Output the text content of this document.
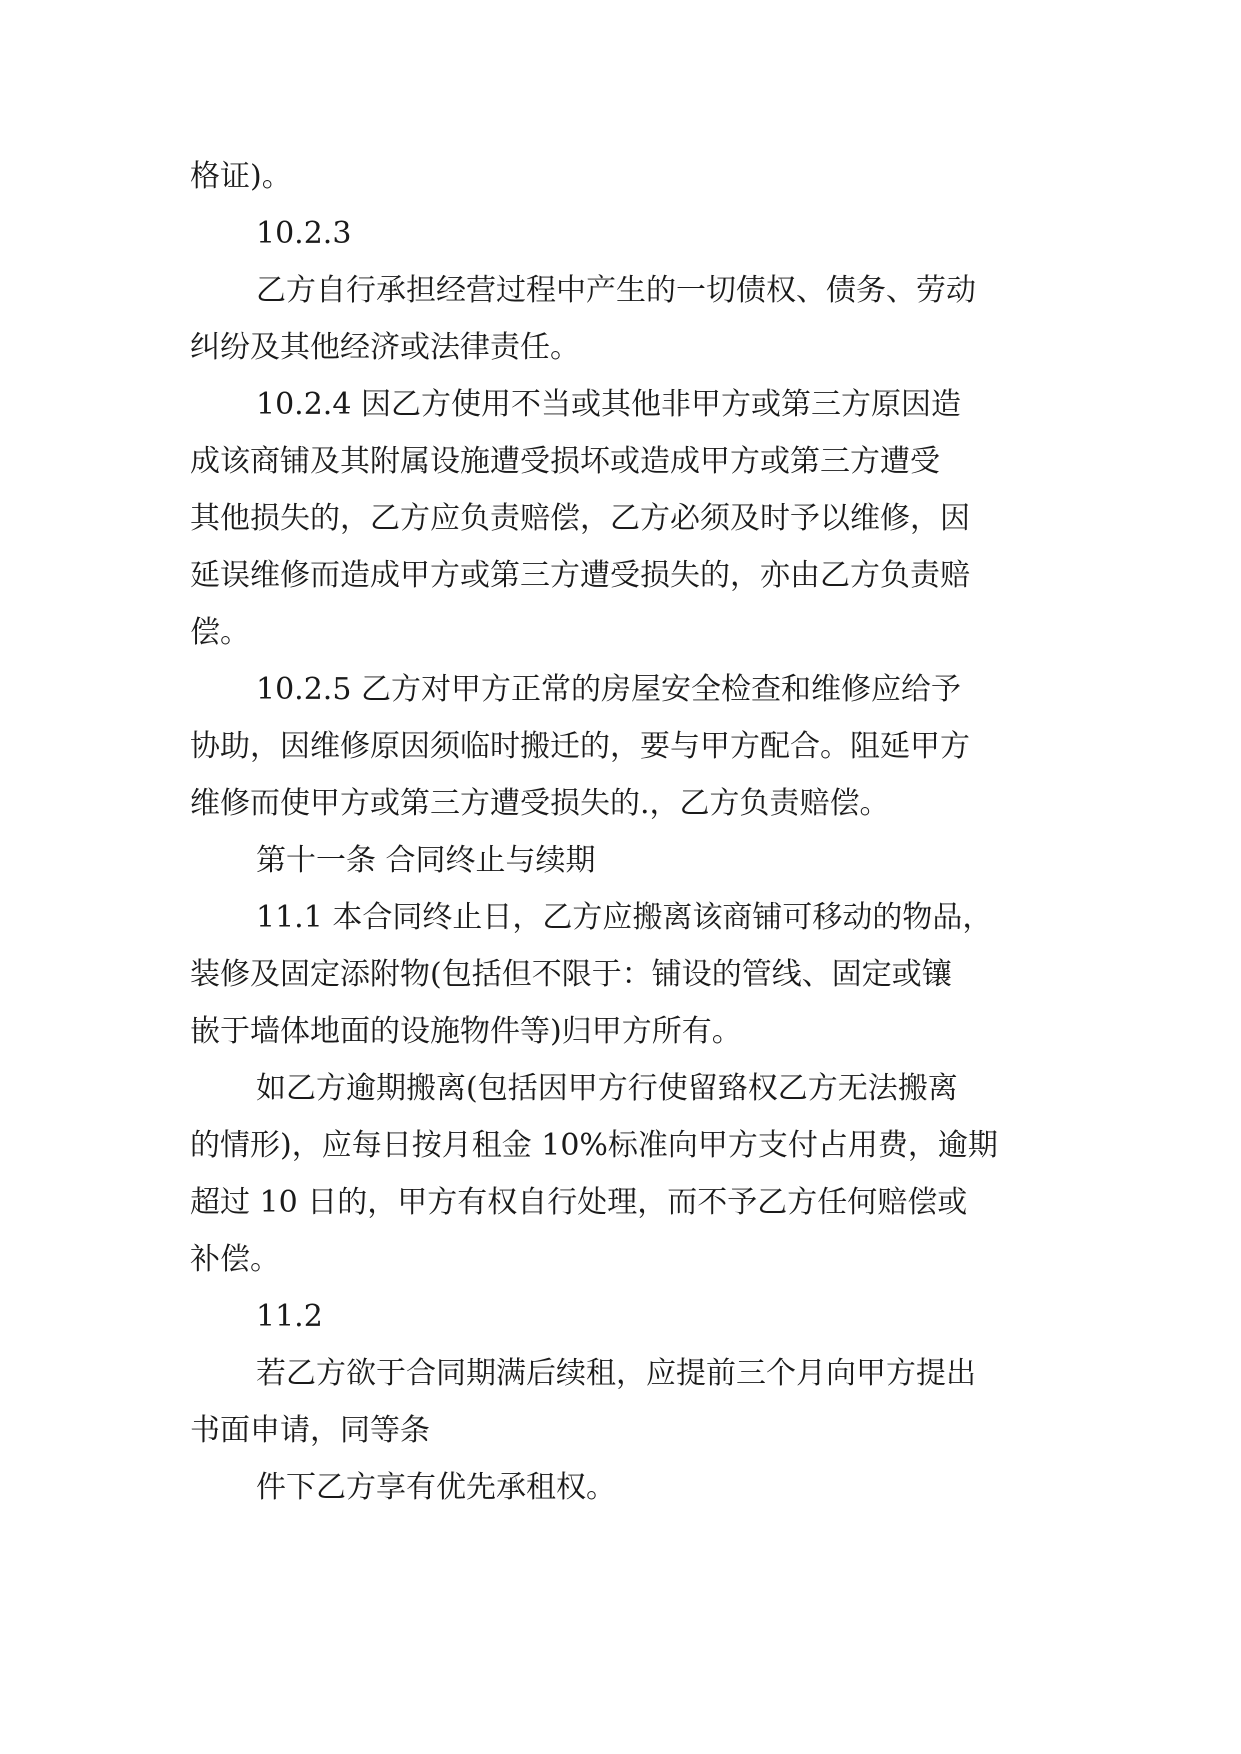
格证)。
10.2.3
乙方自行承担经营过程中产生的一切债权、债务、劳动
纠纷及其他经济或法律责任。
10.2.4 因乙方使用不当或其他非甲方或第三方原因造
成该商铺及其附属设施遭受损坏或造成甲方或第三方遭受
其他损失的，乙方应负责赔偿，乙方必须及时予以维修，因
延误维修而造成甲方或第三方遭受损失的，亦由乙方负责赔
偿。
10.2.5 乙方对甲方正常的房屋安全检查和维修应给予
协助，因维修原因须临时搬迁的，要与甲方配合。阻延甲方
维修而使甲方或第三方遭受损失的.，乙方负责赔偿。
第十一条 合同终止与续期
11.1 本合同终止日，乙方应搬离该商铺可移动的物品，
装修及固定添附物(包括但不限于：铺设的管线、固定或镶
嵌于墙体地面的设施物件等)归甲方所有。
如乙方逾期搬离(包括因甲方行使留臵权乙方无法搬离
的情形)，应每日按月租金 10%标准向甲方支付占用费，逾期
超过 10 日的，甲方有权自行处理，而不予乙方任何赔偿或
补偿。
11.2
若乙方欲于合同期满后续租，应提前三个月向甲方提出
书面申请，同等条
件下乙方享有优先承租权。
